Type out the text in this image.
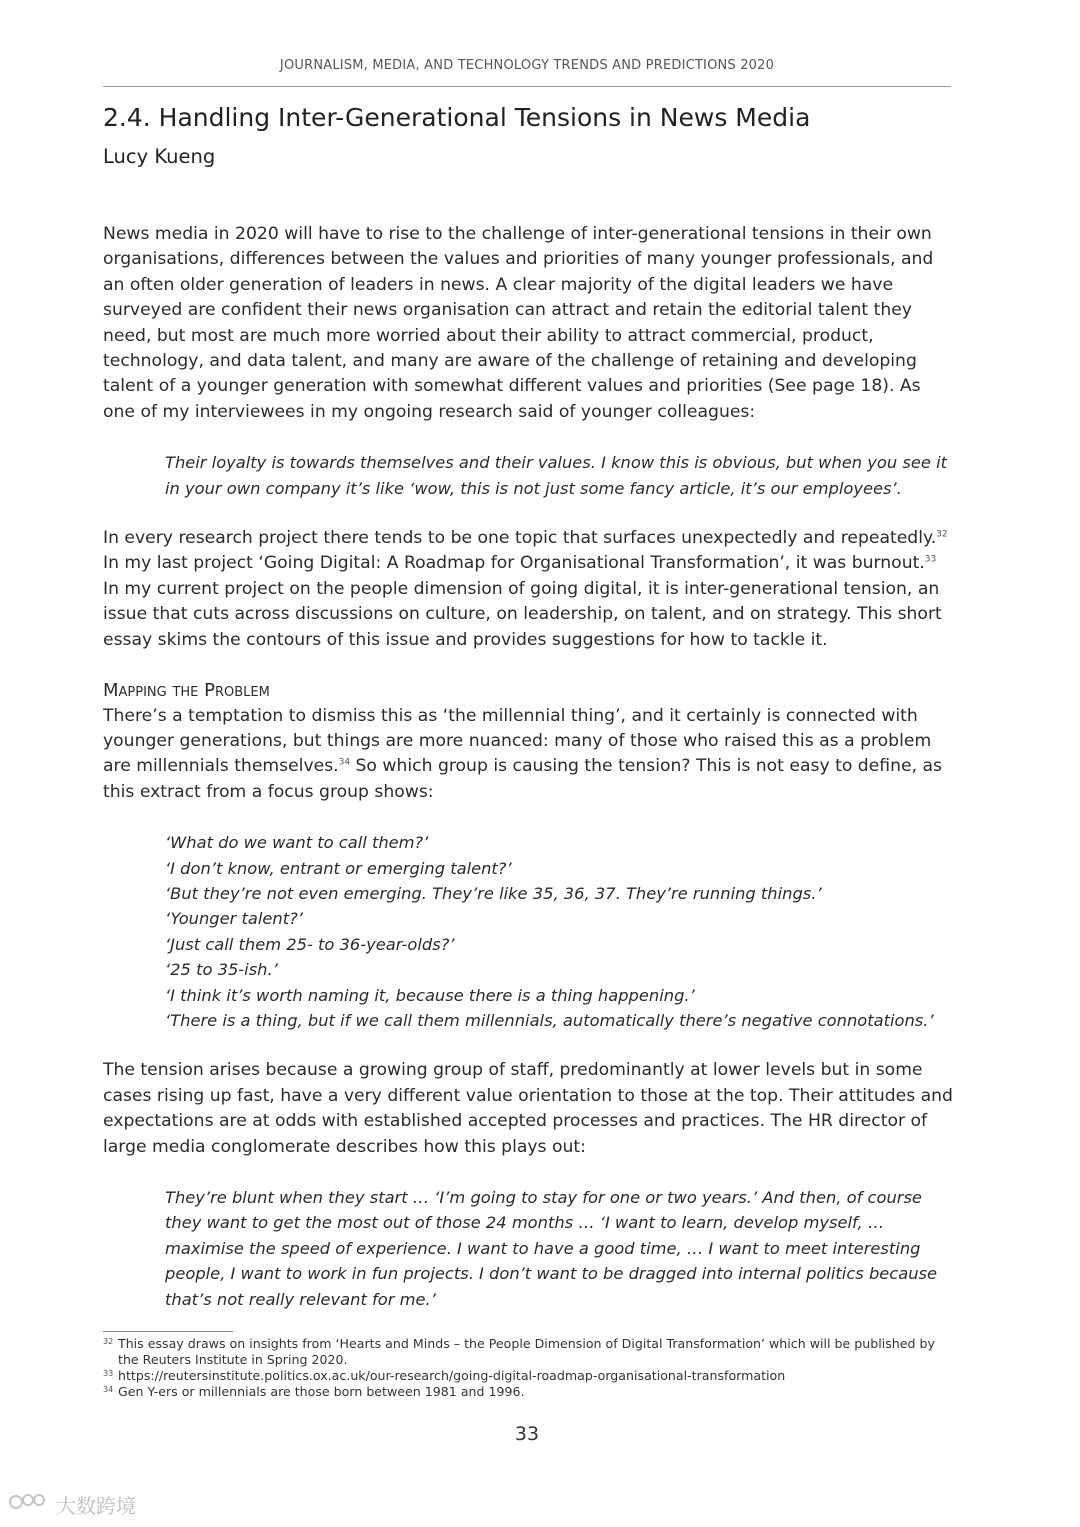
JOURNALISM, MEDIA, AND TECHNOLOGY TRENDS AND PREDICTIONS 2020
2.4. Handling Inter-Generational Tensions in News Media
Lucy Kueng

News media in 2020 will have to rise to the challenge of inter-generational tensions in their own organisations, differences between the values and priorities of many younger professionals, and an often older generation of leaders in news. A clear majority of the digital leaders we have surveyed are confident their news organisation can attract and retain the editorial talent they need, but most are much more worried about their ability to attract commercial, product, technology, and data talent, and many are aware of the challenge of retaining and developing talent of a younger generation with somewhat different values and priorities (See page 18). As one of my interviewees in my ongoing research said of younger colleagues:

Their loyalty is towards themselves and their values. I know this is obvious, but when you see it in your own company it’s like ‘wow, this is not just some fancy article, it’s our employees’.

In every research project there tends to be one topic that surfaces unexpectedly and repeatedly.$^{32}$ In my last project ‘Going Digital: A Roadmap for Organisational Transformation’, it was burnout.$^{33}$ In my current project on the people dimension of going digital, it is inter-generational tension, an issue that cuts across discussions on culture, on leadership, on talent, and on strategy. This short essay skims the contours of this issue and provides suggestions for how to tackle it.

Mapping the Problem

There’s a temptation to dismiss this as ‘the millennial thing’, and it certainly is connected with younger generations, but things are more nuanced: many of those who raised this as a problem are millennials themselves.$^{34}$ So which group is causing the tension? This is not easy to define, as this extract from a focus group shows:

‘What do we want to call them?’
‘I don’t know, entrant or emerging talent?’
‘But they’re not even emerging. They’re like 35, 36, 37. They’re running things.’
‘Younger talent?’
‘Just call them 25- to 36-year-olds?’
‘25 to 35-ish.’
‘I think it’s worth naming it, because there is a thing happening.’
‘There is a thing, but if we call them millennials, automatically there’s negative connotations.’

The tension arises because a growing group of staff, predominantly at lower levels but in some cases rising up fast, have a very different value orientation to those at the top. Their attitudes and expectations are at odds with established accepted processes and practices. The HR director of large media conglomerate describes how this plays out:

They’re blunt when they start … ‘I’m going to stay for one or two years.’ And then, of course they want to get the most out of those 24 months … ‘I want to learn, develop myself, … maximise the speed of experience. I want to have a good time, … I want to meet interesting people, I want to work in fun projects. I don’t want to be dragged into internal politics because that’s not really relevant for me.’

32 This essay draws on insights from ‘Hearts and Minds – the People Dimension of Digital Transformation’ which will be published by the Reuters Institute in Spring 2020.
33 https://reutersinstitute.politics.ox.ac.uk/our-research/going-digital-roadmap-organisational-transformation
34 Gen Y-ers or millennials are those born between 1981 and 1996.
33
大数跨境
